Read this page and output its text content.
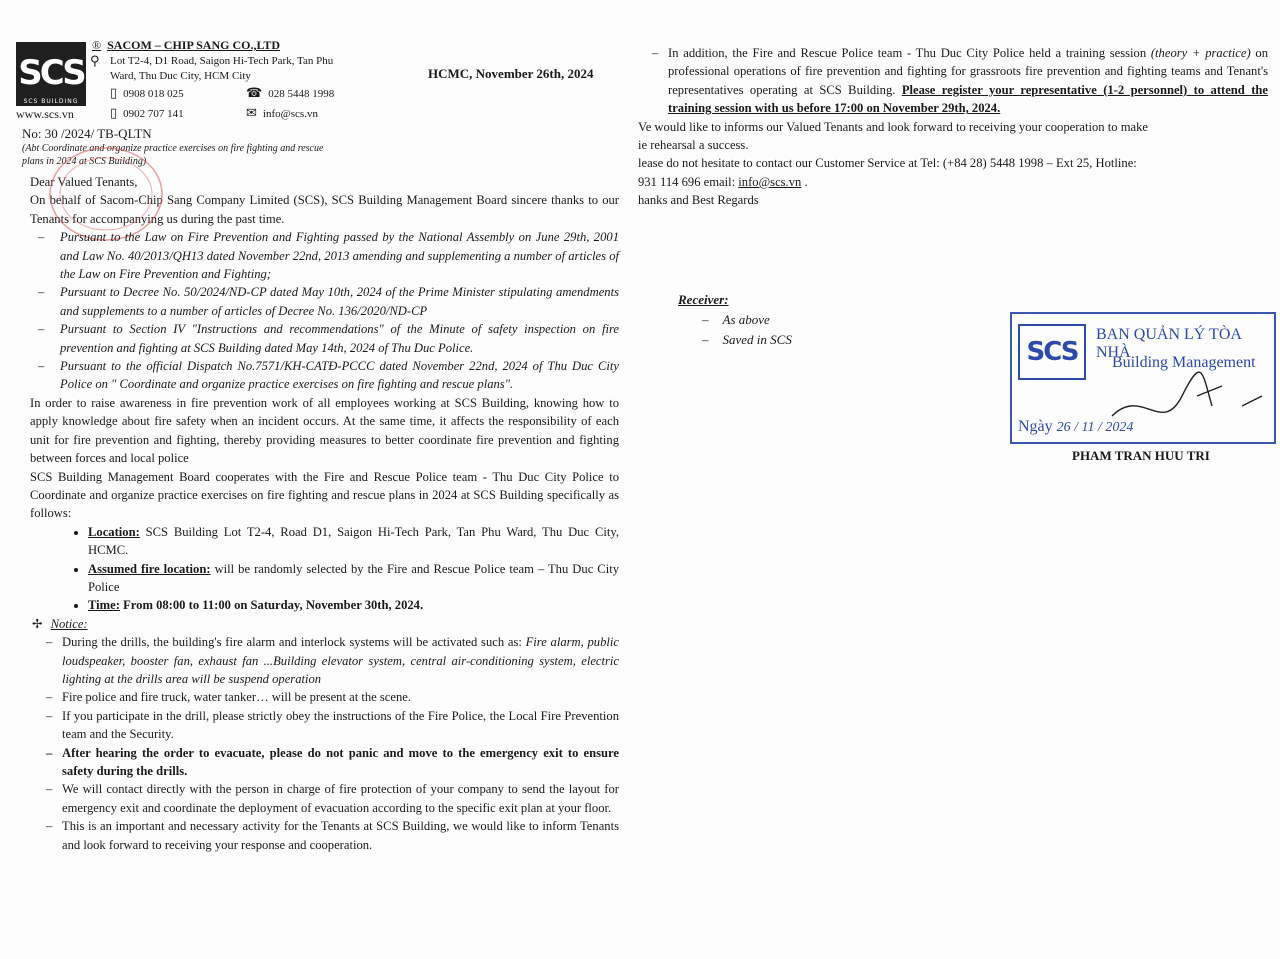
SCS
SCS BUILDING
www.scs.vn
® SACOM – CHIP SANG CO.,LTD
⚲ Lot T2-4, D1 Road, Saigon Hi-Tech Park, Tan Phu Ward, Thu Duc City, HCM City
▯ 0908 018 025
▯ 0902 707 141
☎ 028 5448 1998
✉ info@scs.vn
HCMC, November 26th, 2024

No: 30 /2024/ TB-QLTN

(Abt Coordinate and organize practice exercises on fire fighting and rescue plans in 2024 at SCS Building)

Dear Valued Tenants,

On behalf of Sacom-Chip Sang Company Limited (SCS), SCS Building Management Board sincere thanks to our Tenants for accompanying us during the past time.

– Pursuant to the Law on Fire Prevention and Fighting passed by the National Assembly on June 29th, 2001 and Law No. 40/2013/QH13 dated November 22nd, 2013 amending and supplementing a number of articles of the Law on Fire Prevention and Fighting;
– Pursuant to Decree No. 50/2024/ND-CP dated May 10th, 2024 of the Prime Minister stipulating amendments and supplements to a number of articles of Decree No. 136/2020/ND-CP
– Pursuant to Section IV "Instructions and recommendations" of the Minute of safety inspection on fire prevention and fighting at SCS Building dated May 14th, 2024 of Thu Duc Police.
– Pursuant to the official Dispatch No.7571/KH-CATĐ-PCCC dated November 22nd, 2024 of Thu Duc City Police on " Coordinate and organize practice exercises on fire fighting and rescue plans".

In order to raise awareness in fire prevention work of all employees working at SCS Building, knowing how to apply knowledge about fire safety when an incident occurs. At the same time, it affects the responsibility of each unit for fire prevention and fighting, thereby providing measures to better coordinate fire prevention and fighting between forces and local police

SCS Building Management Board cooperates with the Fire and Rescue Police team - Thu Duc City Police to Coordinate and organize practice exercises on fire fighting and rescue plans in 2024 at SCS Building specifically as follows:

• Location: SCS Building Lot T2-4, Road D1, Saigon Hi-Tech Park, Tan Phu Ward, Thu Duc City, HCMC.
• Assumed fire location: will be randomly selected by the Fire and Rescue Police team – Thu Duc City Police
• Time: From 08:00 to 11:00 on Saturday, November 30th, 2024.

✢ Notice:

– During the drills, the building's fire alarm and interlock systems will be activated such as: Fire alarm, public loudspeaker, booster fan, exhaust fan ...Building elevator system, central air-conditioning system, electric lighting at the drills area will be suspend operation
– Fire police and fire truck, water tanker… will be present at the scene.
– If you participate in the drill, please strictly obey the instructions of the Fire Police, the Local Fire Prevention team and the Security.
– After hearing the order to evacuate, please do not panic and move to the emergency exit to ensure safety during the drills.
– We will contact directly with the person in charge of fire protection of your company to send the layout for emergency exit and coordinate the deployment of evacuation according to the specific exit plan at your floor.
– This is an important and necessary activity for the Tenants at SCS Building, we would like to inform Tenants and look forward to receiving your response and cooperation.

– In addition, the Fire and Rescue Police team - Thu Duc City Police held a training session (theory + practice) on professional operations of fire prevention and fighting for grassroots fire prevention and fighting teams and Tenant's representatives operating at SCS Building. Please register your representative (1-2 personnel) to attend the training session with us before 17:00 on November 29th, 2024.

Ve would like to informs our Valued Tenants and look forward to receiving your cooperation to make

ie rehearsal a success.

lease do not hesitate to contact our Customer Service at Tel: (+84 28) 5448 1998 – Ext 25, Hotline:

931 114 696 email: info@scs.vn .

hanks and Best Regards

Receiver:
– As above
– Saved in SCS	SCS
BAN QUẢN LÝ TÒA NHÀ
Building Management
Ngày 26 / 11 / 2024
PHAM TRAN HUU TRI
